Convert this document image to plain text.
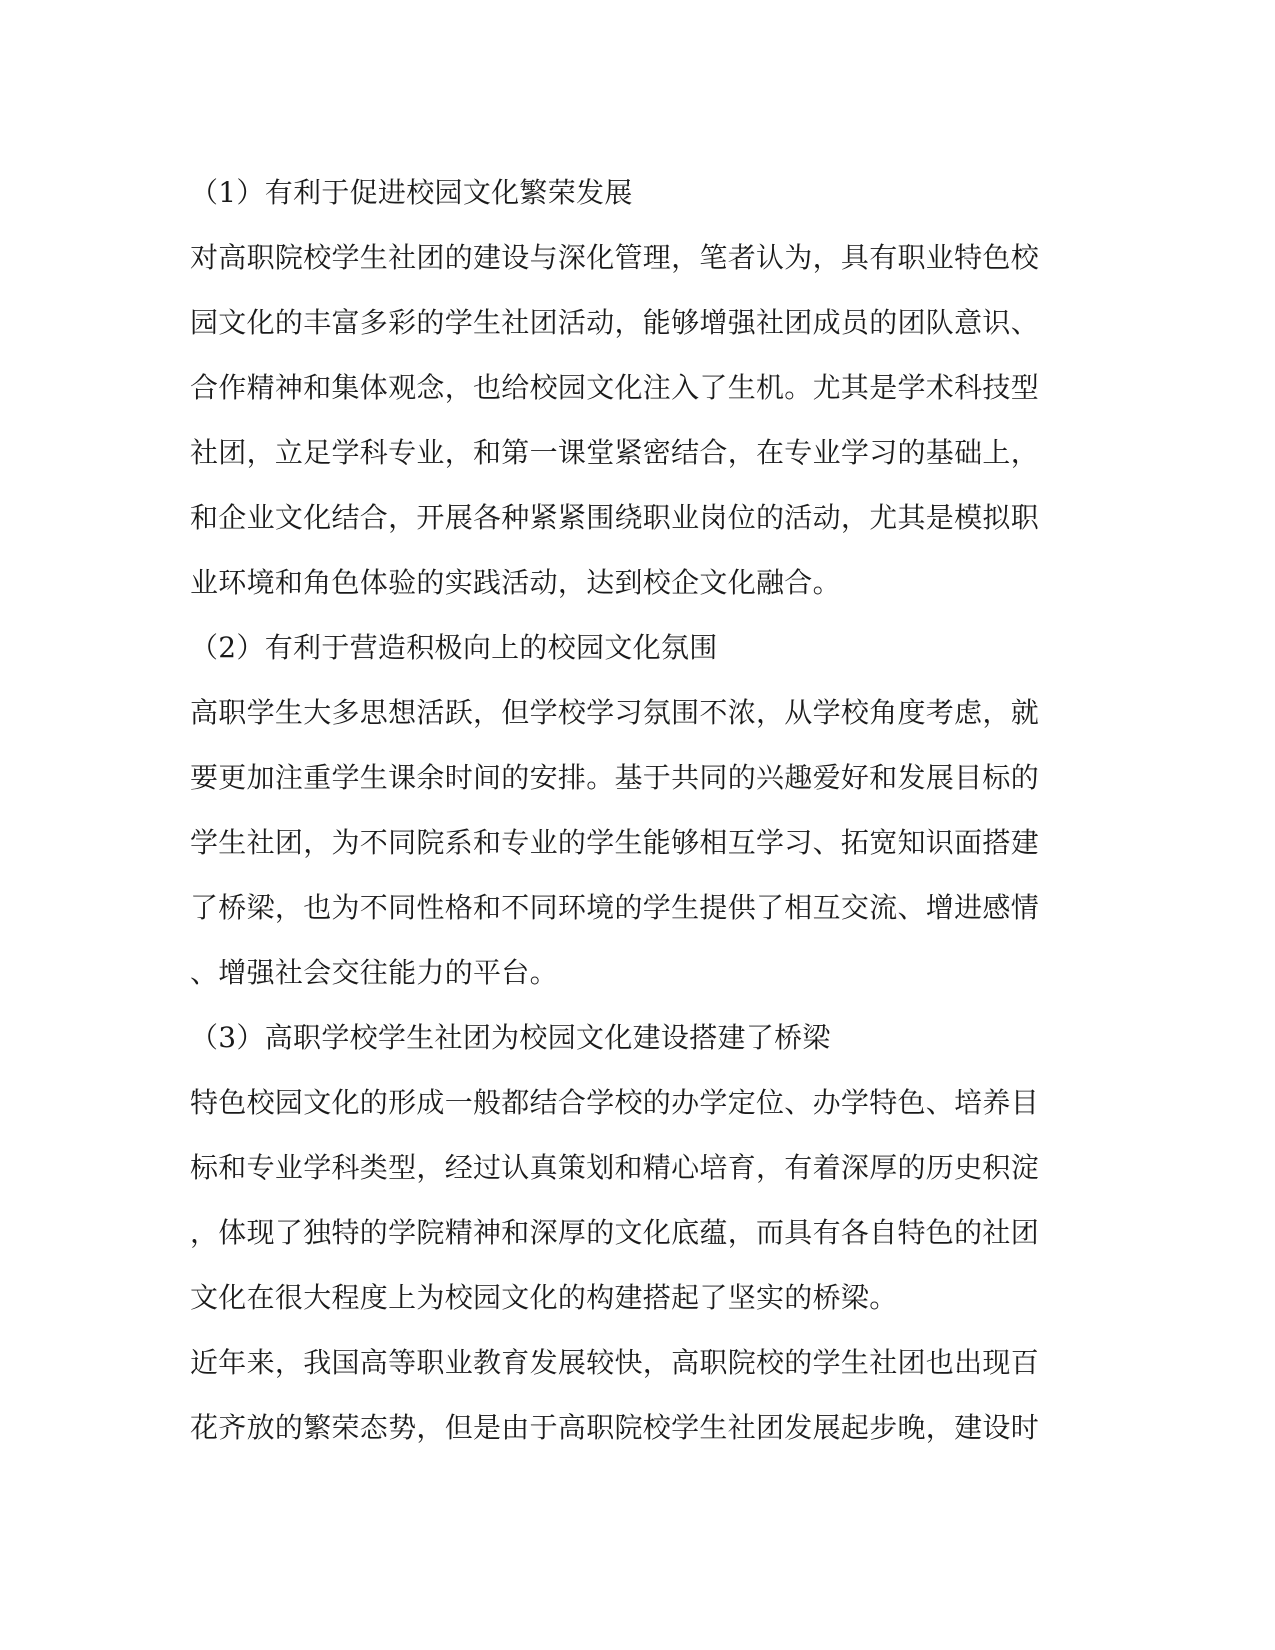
（1）有利于促进校园文化繁荣发展
对高职院校学生社团的建设与深化管理，笔者认为，具有职业特色校
园文化的丰富多彩的学生社团活动，能够增强社团成员的团队意识、
合作精神和集体观念，也给校园文化注入了生机。尤其是学术科技型
社团，立足学科专业，和第一课堂紧密结合，在专业学习的基础上，
和企业文化结合，开展各种紧紧围绕职业岗位的活动，尤其是模拟职
业环境和角色体验的实践活动，达到校企文化融合。
（2）有利于营造积极向上的校园文化氛围
高职学生大多思想活跃，但学校学习氛围不浓，从学校角度考虑，就
要更加注重学生课余时间的安排。基于共同的兴趣爱好和发展目标的
学生社团，为不同院系和专业的学生能够相互学习、拓宽知识面搭建
了桥梁，也为不同性格和不同环境的学生提供了相互交流、增进感情
、增强社会交往能力的平台。
（3）高职学校学生社团为校园文化建设搭建了桥梁
特色校园文化的形成一般都结合学校的办学定位、办学特色、培养目
标和专业学科类型，经过认真策划和精心培育，有着深厚的历史积淀
，体现了独特的学院精神和深厚的文化底蕴，而具有各自特色的社团
文化在很大程度上为校园文化的构建搭起了坚实的桥梁。
近年来，我国高等职业教育发展较快，高职院校的学生社团也出现百
花齐放的繁荣态势，但是由于高职院校学生社团发展起步晚，建设时
